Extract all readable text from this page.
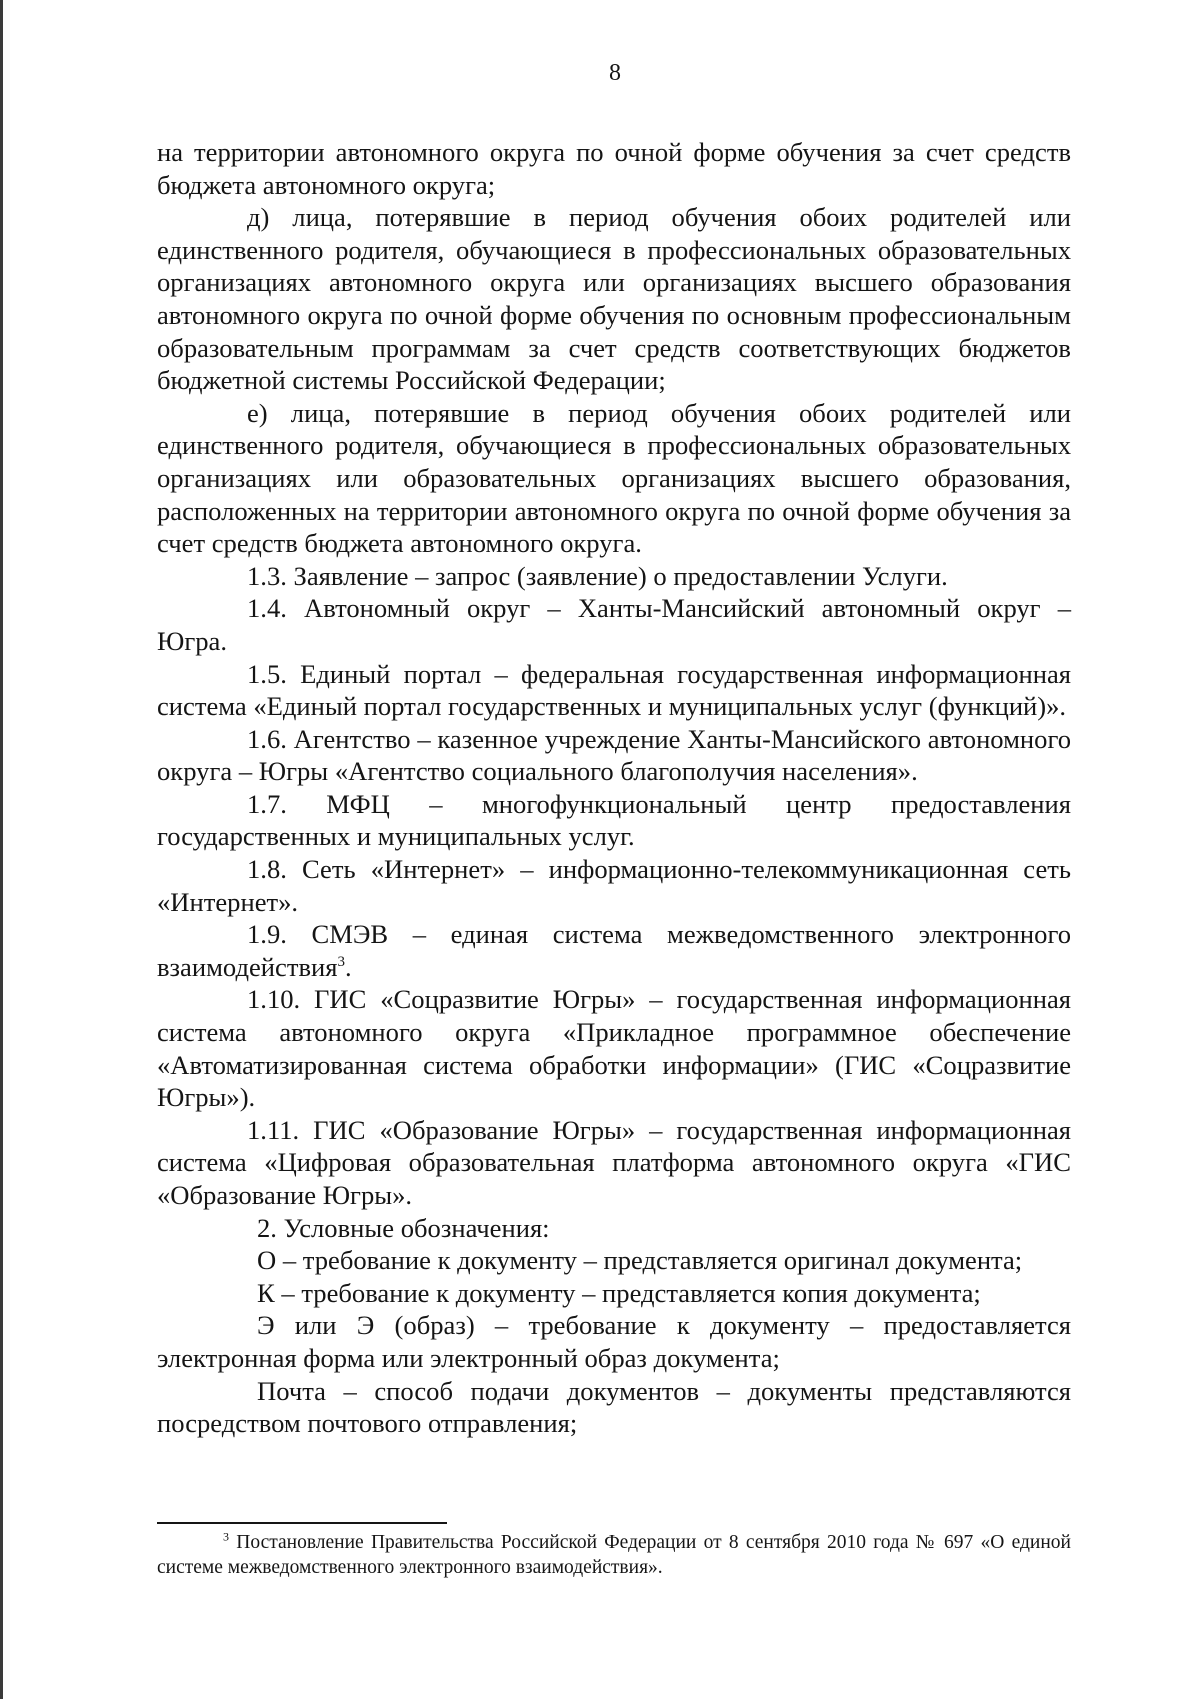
8

на территории автономного округа по очной форме обучения за счет средств бюджета автономного округа;

д) лица, потерявшие в период обучения обоих родителей или единственного родителя, обучающиеся в профессиональных образовательных организациях автономного округа или организациях высшего образования автономного округа по очной форме обучения по основным профессиональным образовательным программам за счет средств соответствующих бюджетов бюджетной системы Российской Федерации;

е) лица, потерявшие в период обучения обоих родителей или единственного родителя, обучающиеся в профессиональных образовательных организациях или образовательных организациях высшего образования, расположенных на территории автономного округа по очной форме обучения за счет средств бюджета автономного округа.

1.3. Заявление – запрос (заявление) о предоставлении Услуги.

1.4. Автономный округ – Ханты-Мансийский автономный округ – Югра.

1.5. Единый портал – федеральная государственная информационная система «Единый портал государственных и муниципальных услуг (функций)».

1.6. Агентство – казенное учреждение Ханты-Мансийского автономного округа – Югры «Агентство социального благополучия населения».

1.7. МФЦ – многофункциональный центр предоставления государственных и муниципальных услуг.

1.8. Сеть «Интернет» – информационно-телекоммуникационная сеть «Интернет».

1.9. СМЭВ – единая система межведомственного электронного взаимодействия$^3$.

1.10. ГИС «Соцразвитие Югры» – государственная информационная система автономного округа «Прикладное программное обеспечение «Автоматизированная система обработки информации» (ГИС «Соцразвитие Югры»).

1.11. ГИС «Образование Югры» – государственная информационная система «Цифровая образовательная платформа автономного округа «ГИС «Образование Югры».

2. Условные обозначения:

О – требование к документу – представляется оригинал документа;

К – требование к документу – представляется копия документа;

Э или Э (образ) – требование к документу – предоставляется электронная форма или электронный образ документа;

Почта – способ подачи документов – документы представляются посредством почтового отправления;

$^3$ Постановление Правительства Российской Федерации от 8 сентября 2010 года № 697 «О единой системе межведомственного электронного взаимодействия».
